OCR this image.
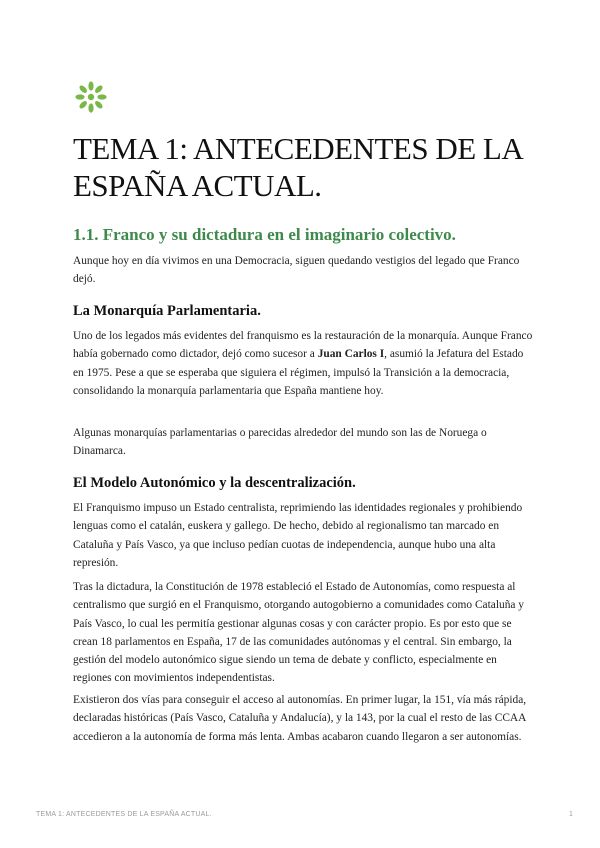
TEMA 1: ANTECEDENTES DE LA ESPAÑA ACTUAL.
1.1. Franco y su dictadura en el imaginario colectivo.

Aunque hoy en día vivimos en una Democracia, siguen quedando vestigios del legado que Franco dejó.

La Monarquía Parlamentaria.

Uno de los legados más evidentes del franquismo es la restauración de la monarquía. Aunque Franco había gobernado como dictador, dejó como sucesor a Juan Carlos I, asumió la Jefatura del Estado en 1975. Pese a que se esperaba que siguiera el régimen, impulsó la Transición a la democracia, consolidando la monarquía parlamentaria que España mantiene hoy.

Algunas monarquías parlamentarias o parecidas alrededor del mundo son las de Noruega o Dinamarca.

El Modelo Autonómico y la descentralización.

El Franquismo impuso un Estado centralista, reprimiendo las identidades regionales y prohibiendo lenguas como el catalán, euskera y gallego. De hecho, debido al regionalismo tan marcado en Cataluña y País Vasco, ya que incluso pedían cuotas de independencia, aunque hubo una alta represión.

Tras la dictadura, la Constitución de 1978 estableció el Estado de Autonomías, como respuesta al centralismo que surgió en el Franquismo, otorgando autogobierno a comunidades como Cataluña y País Vasco, lo cual les permitía gestionar algunas cosas y con carácter propio. Es por esto que se crean 18 parlamentos en España, 17 de las comunidades autónomas y el central. Sin embargo, la gestión del modelo autonómico sigue siendo un tema de debate y conflicto, especialmente en regiones con movimientos independentistas.

Existieron dos vías para conseguir el acceso al autonomías. En primer lugar, la 151, vía más rápida, declaradas históricas (País Vasco, Cataluña y Andalucía), y la 143, por la cual el resto de las CCAA accedieron a la autonomía de forma más lenta. Ambas acabaron cuando llegaron a ser autonomías.

TEMA 1: ANTECEDENTES DE LA ESPAÑA ACTUAL.	1
